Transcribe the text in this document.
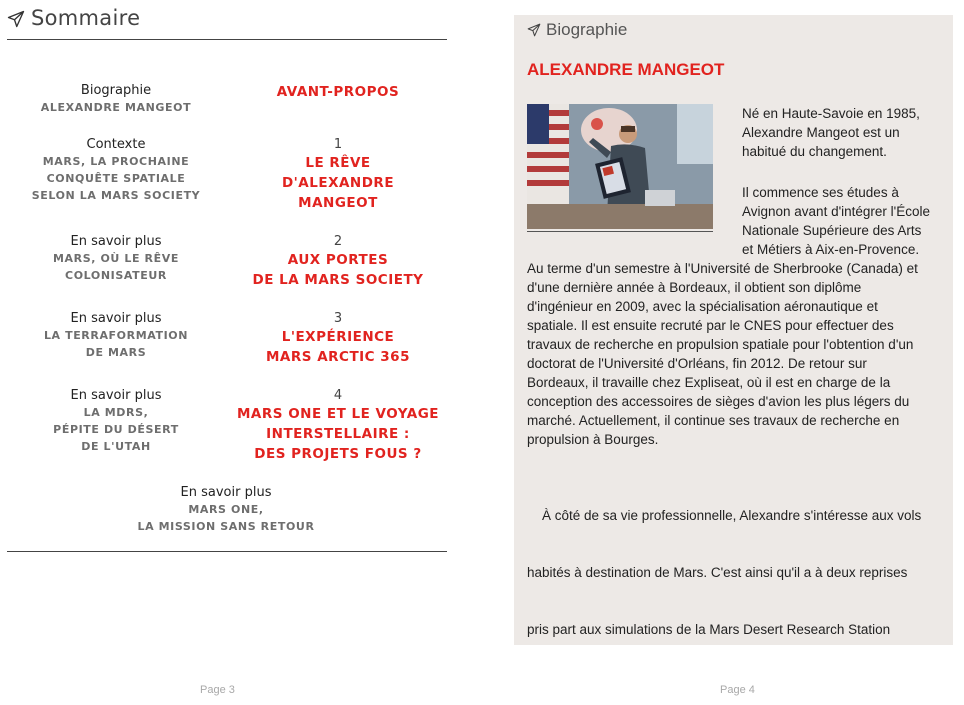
Sommaire
Biographie
ALEXANDRE MANGEOT
AVANT-PROPOS
Contexte
MARS, LA PROCHAINE
CONQUÊTE SPATIALE
SELON LA MARS SOCIETY
1
LE RÊVE
D'ALEXANDRE
MANGEOT
En savoir plus
MARS, OÙ LE RÊVE
COLONISATEUR
2
AUX PORTES
DE LA MARS SOCIETY
En savoir plus
LA TERRAFORMATION
DE MARS
3
L'EXPÉRIENCE
MARS ARCTIC 365
En savoir plus
LA MDRS,
PÉPITE DU DÉSERT
DE L'UTAH
4
MARS ONE ET LE VOYAGE
INTERSTELLAIRE :
DES PROJETS FOUS ?
En savoir plus
MARS ONE,
LA MISSION SANS RETOUR
Page 3
Biographie
ALEXANDRE MANGEOT
Né en Haute-Savoie en 1985,
Alexandre Mangeot est un
habitué du changement.
Il commence ses études à
Avignon avant d'intégrer l'École
Nationale Supérieure des Arts
et Métiers à Aix-en-Provence.
Au terme d'un semestre à l'Université de Sherbrooke (Canada) et
d'une dernière année à Bordeaux, il obtient son diplôme
d'ingénieur en 2009, avec la spécialisation aéronautique et
spatiale. Il est ensuite recruté par le CNES pour effectuer des
travaux de recherche en propulsion spatiale pour l'obtention d'un
doctorat de l'Université d'Orléans, fin 2012. De retour sur
Bordeaux, il travaille chez Expliseat, où il est en charge de la
conception des accessoires de sièges d'avion les plus légers du
marché. Actuellement, il continue ses travaux de recherche en
propulsion à Bourges.

À côté de sa vie professionnelle, Alexandre s'intéresse aux vols

habités à destination de Mars. C'est ainsi qu'il a à deux reprises

pris part aux simulations de la Mars Desert Research Station

Page 4
